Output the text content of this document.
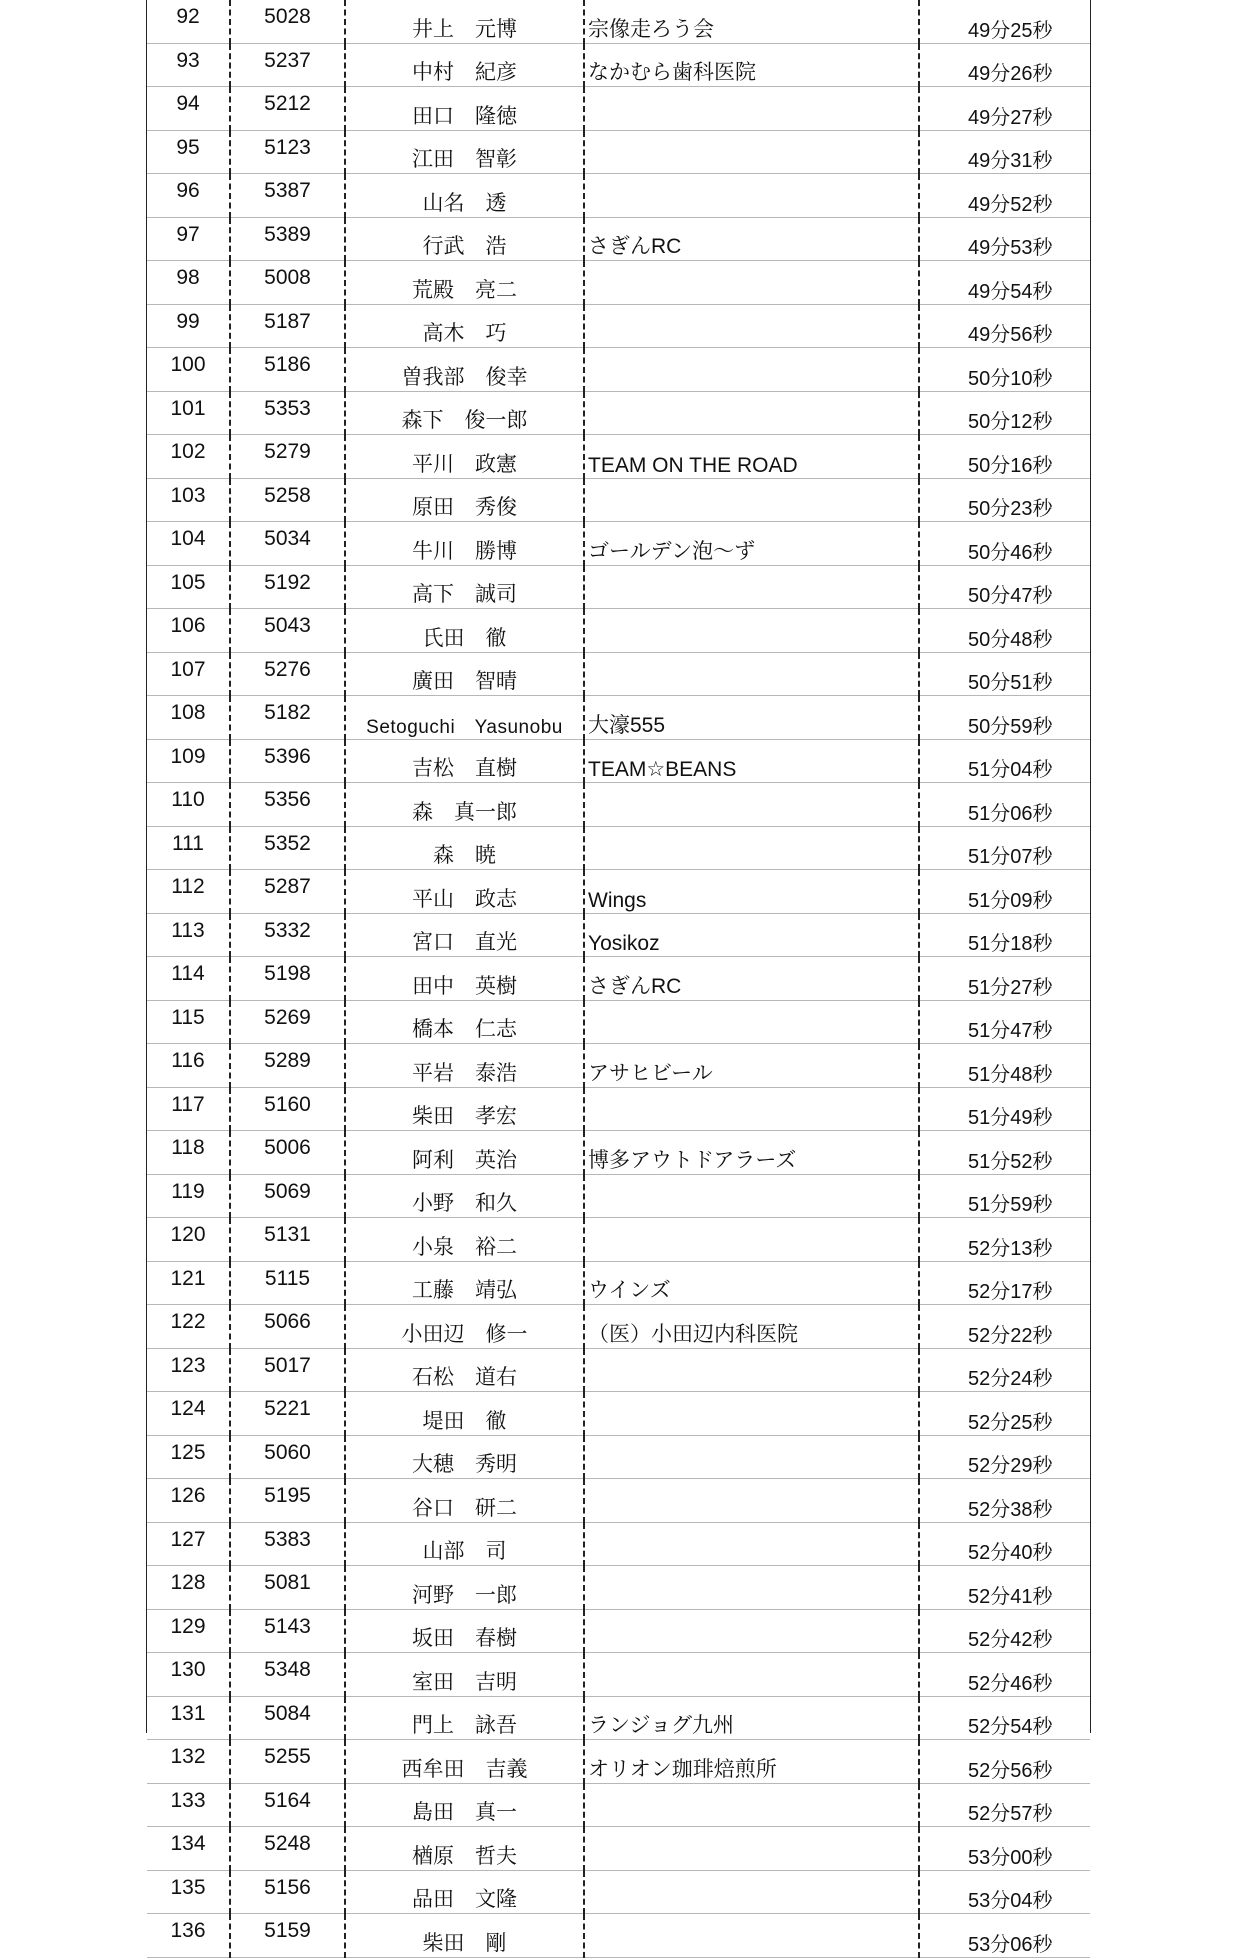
92	5028	井上　元博	宗像走ろう会	49分25秒
93	5237	中村　紀彦	なかむら歯科医院	49分26秒
94	5212	田口　隆徳		49分27秒
95	5123	江田　智彰		49分31秒
96	5387	山名　透		49分52秒
97	5389	行武　浩	さぎんRC	49分53秒
98	5008	荒殿　亮二		49分54秒
99	5187	高木　巧		49分56秒
100	5186	曽我部　俊幸		50分10秒
101	5353	森下　俊一郎		50分12秒
102	5279	平川　政憲	TEAM ON THE ROAD	50分16秒
103	5258	原田　秀俊		50分23秒
104	5034	牛川　勝博	ゴールデン泡～ず	50分46秒
105	5192	高下　誠司		50分47秒
106	5043	氏田　徹		50分48秒
107	5276	廣田　智晴		50分51秒
108	5182	Setoguchi　Yasunobu	大濠555	50分59秒
109	5396	吉松　直樹	TEAM☆BEANS	51分04秒
110	5356	森　真一郎		51分06秒
111	5352	森　暁		51分07秒
112	5287	平山　政志	Wings	51分09秒
113	5332	宮口　直光	Yosikoz	51分18秒
114	5198	田中　英樹	さぎんRC	51分27秒
115	5269	橋本　仁志		51分47秒
116	5289	平岩　泰浩	アサヒビール	51分48秒
117	5160	柴田　孝宏		51分49秒
118	5006	阿利　英治	博多アウトドアラーズ	51分52秒
119	5069	小野　和久		51分59秒
120	5131	小泉　裕二		52分13秒
121	5115	工藤　靖弘	ウインズ	52分17秒
122	5066	小田辺　修一	（医）小田辺内科医院	52分22秒
123	5017	石松　道右		52分24秒
124	5221	堤田　徹		52分25秒
125	5060	大穂　秀明		52分29秒
126	5195	谷口　研二		52分38秒
127	5383	山部　司		52分40秒
128	5081	河野　一郎		52分41秒
129	5143	坂田　春樹		52分42秒
130	5348	室田　吉明		52分46秒
131	5084	門上　詠吾	ランジョグ九州	52分54秒
132	5255	西牟田　吉義	オリオン珈琲焙煎所	52分56秒
133	5164	島田　真一		52分57秒
134	5248	楢原　哲夫		53分00秒
135	5156	品田　文隆		53分04秒
136	5159	柴田　剛		53分06秒
